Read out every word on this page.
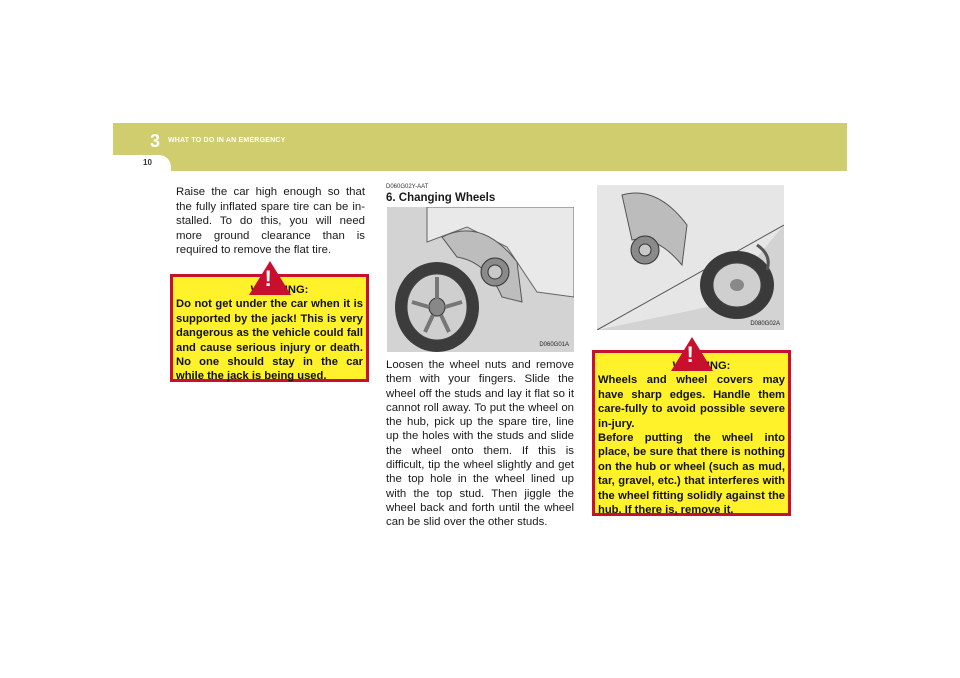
3 WHAT TO DO IN AN EMERGENCY
10

Raise the car high enough so that the fully inflated spare tire can be in-stalled. To do this, you will need more ground clearance than is required to remove the flat tire.

!
WARNING:
Do not get under the car when it is supported by the jack! This is very dangerous as the vehicle could fall and cause serious injury or death. No one should stay in the car while the jack is being used.
D060G02Y-AAT
6. Changing Wheels
D060G01A

Loosen the wheel nuts and remove them with your fingers. Slide the wheel off the studs and lay it flat so it cannot roll away. To put the wheel on the hub, pick up the spare tire, line up the holes with the studs and slide the wheel onto them. If this is difficult, tip the wheel slightly and get the top hole in the wheel lined up with the top stud. Then jiggle the wheel back and forth until the wheel can be slid over the other studs.

D080G02A
!
WARNING:
Wheels and wheel covers may have sharp edges. Handle them care-fully to avoid possible severe in-jury.
Before putting the wheel into place, be sure that there is nothing on the hub or wheel (such as mud, tar, gravel, etc.) that interferes with the wheel fitting solidly against the hub. If there is, remove it.
